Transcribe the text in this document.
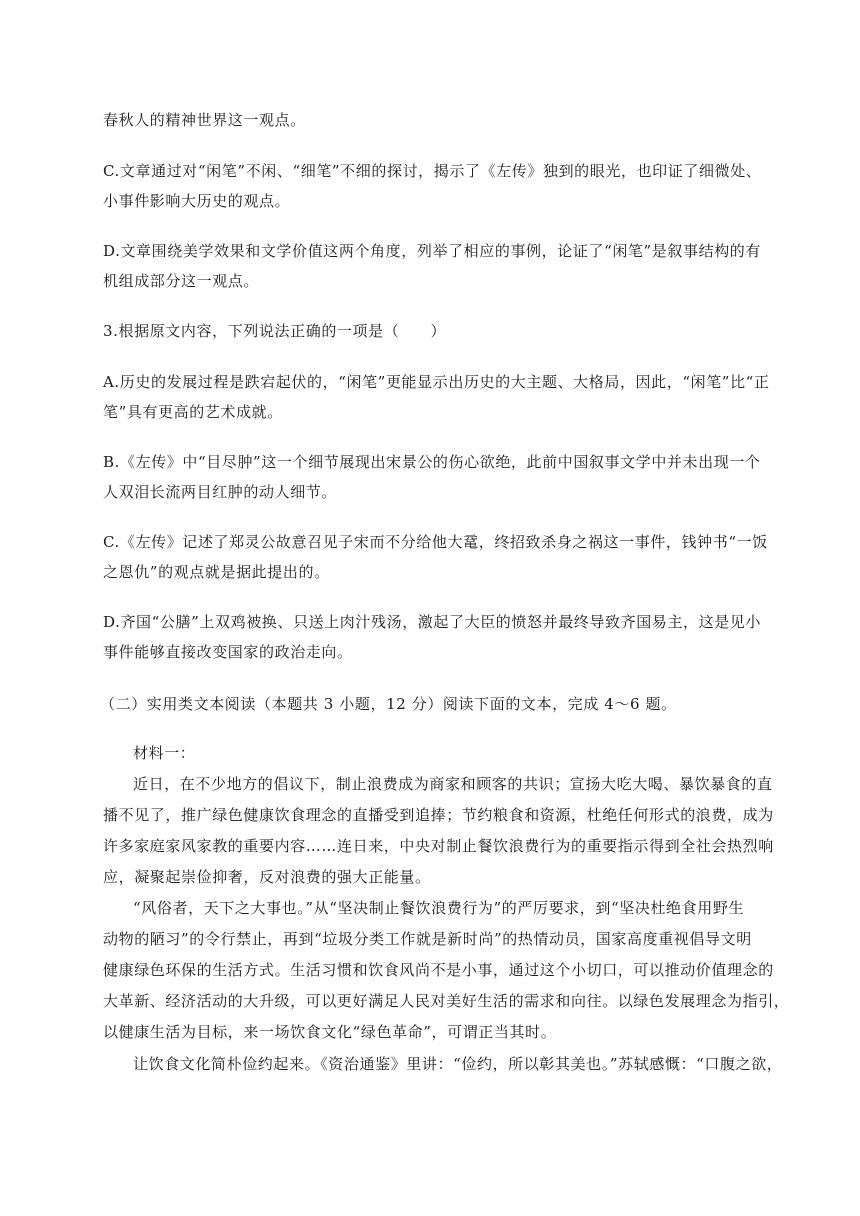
春秋人的精神世界这一观点。
C.文章通过对“闲笔”不闲、“细笔”不细的探讨，揭示了《左传》独到的眼光，也印证了细微处、
小事件影响大历史的观点。
D.文章围绕美学效果和文学价值这两个角度，列举了相应的事例，论证了“闲笔”是叙事结构的有
机组成部分这一观点。
3.根据原文内容，下列说法正确的一项是（　　）
A.历史的发展过程是跌宕起伏的，“闲笔”更能显示出历史的大主题、大格局，因此，“闲笔”比“正
笔”具有更高的艺术成就。
B.《左传》中“目尽肿”这一个细节展现出宋景公的伤心欲绝，此前中国叙事文学中并未出现一个
人双泪长流两目红肿的动人细节。
C.《左传》记述了郑灵公故意召见子宋而不分给他大鼋，终招致杀身之祸这一事件，钱钟书“一饭
之恩仇”的观点就是据此提出的。
D.齐国“公膳”上双鸡被换、只送上肉汁残汤，激起了大臣的愤怒并最终导致齐国易主，这是见小
事件能够直接改变国家的政治走向。
（二）实用类文本阅读（本题共 3 小题，12 分）阅读下面的文本，完成 4～6 题。
材料一：
近日，在不少地方的倡议下，制止浪费成为商家和顾客的共识；宣扬大吃大喝、暴饮暴食的直
播不见了，推广绿色健康饮食理念的直播受到追捧；节约粮食和资源，杜绝任何形式的浪费，成为
许多家庭家风家教的重要内容……连日来，中央对制止餐饮浪费行为的重要指示得到全社会热烈响
应，凝聚起崇俭抑奢，反对浪费的强大正能量。
“风俗者，天下之大事也。”从“坚决制止餐饮浪费行为”的严厉要求，到“坚决杜绝食用野生
动物的陋习”的令行禁止，再到“垃圾分类工作就是新时尚”的热情动员，国家高度重视倡导文明
健康绿色环保的生活方式。生活习惯和饮食风尚不是小事，通过这个小切口，可以推动价值理念的
大革新、经济活动的大升级，可以更好满足人民对美好生活的需求和向往。以绿色发展理念为指引，
以健康生活为目标，来一场饮食文化“绿色革命”，可谓正当其时。
让饮食文化简朴俭约起来。《资治通鉴》里讲：“俭约，所以彰其美也。”苏轼感慨：“口腹之欲，
